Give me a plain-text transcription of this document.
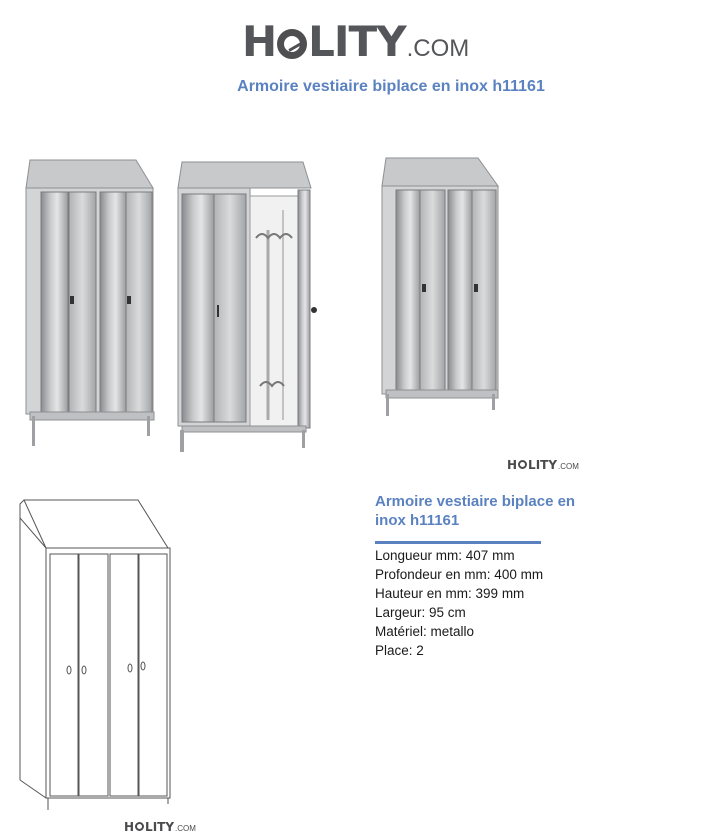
H LITY .COM
Armoire vestiaire biplace en inox h11161
H LITY .COM
H LITY .COM
Armoire vestiaire biplace en inox h11161
Longueur mm: 407 mm
Profondeur en mm: 400 mm
Hauteur en mm: 399 mm
Largeur: 95 cm
Matériel: metallo
Place: 2
